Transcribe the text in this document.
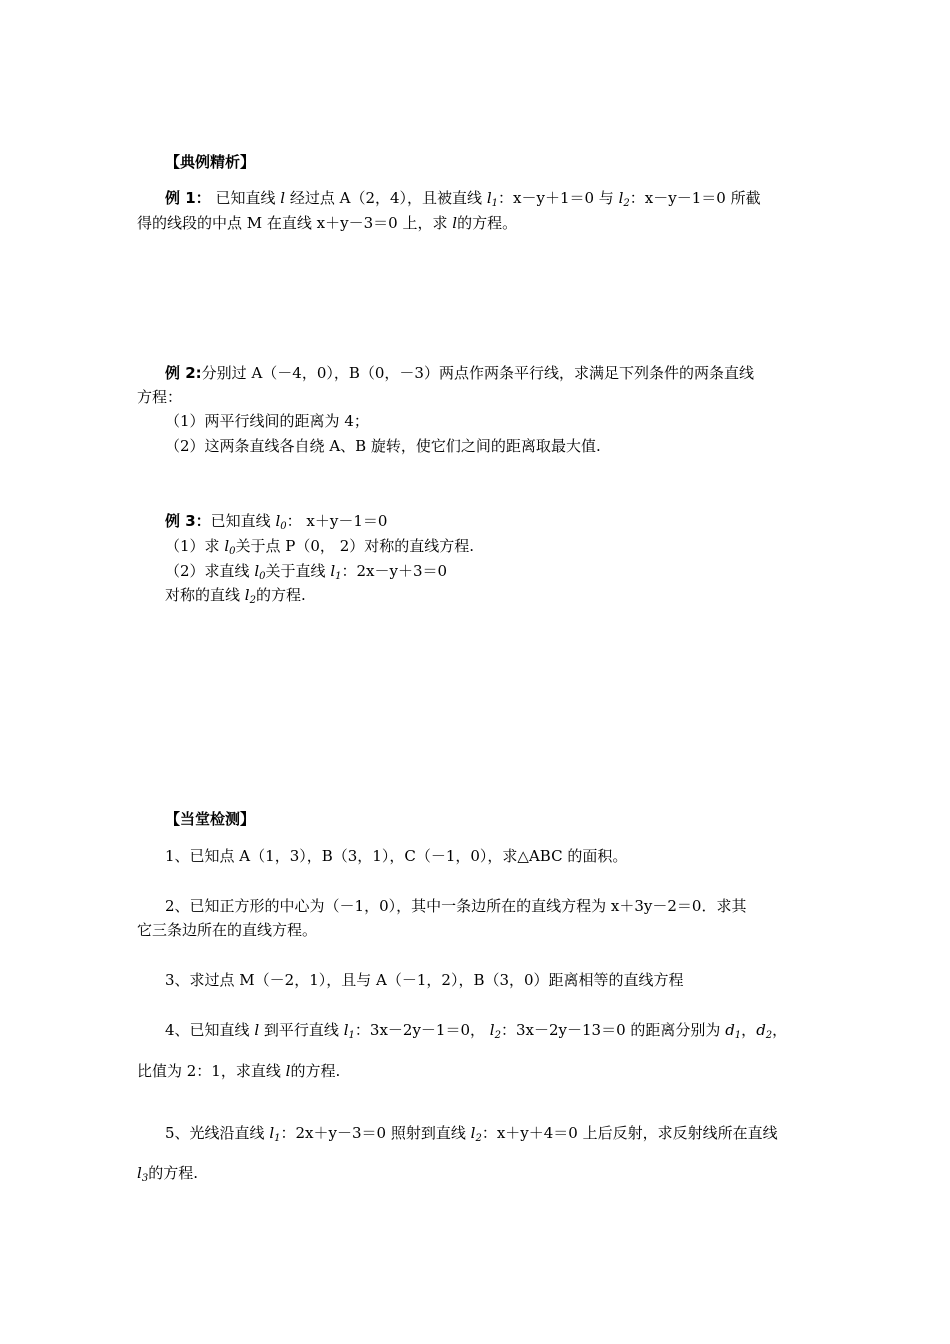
【典例精析】
例 1： 已知直线 l 经过点 A（2，4），且被直线 $l_1$：x－y＋1＝0 与 $l_2$：x－y－1＝0 所截
得的线段的中点 M 在直线 x＋y－3＝0 上，求 l的方程。
例 2:分别过 A（－4，0），B（0，－3）两点作两条平行线，求满足下列条件的两条直线
方程：
（1）两平行线间的距离为 4；
（2）这两条直线各自绕 A、B 旋转，使它们之间的距离取最大值.
例 3：已知直线 $l_0$： x＋y－1＝0
（1）求 $l_0$关于点 P（0， 2）对称的直线方程.
（2）求直线 $l_0$关于直线 $l_1$：2x－y＋3＝0
对称的直线 $l_2$的方程.
【当堂检测】
1、已知点 A（1，3），B（3，1），C（－1，0），求△ABC 的面积。
2、已知正方形的中心为（－1，0），其中一条边所在的直线方程为 x＋3y－2＝0．求其
它三条边所在的直线方程。
3、求过点 M（－2，1），且与 A（－1，2），B（3，0）距离相等的直线方程
4、已知直线 l 到平行直线 $l_1$：3x－2y－1＝0， $l_2$：3x－2y－13＝0 的距离分别为 $d_1$，$d_2$，
比值为 2：1，求直线 l的方程.
5、光线沿直线 $l_1$：2x＋y－3＝0 照射到直线 $l_2$：x＋y＋4＝0 上后反射，求反射线所在直线
$l_3$的方程.
